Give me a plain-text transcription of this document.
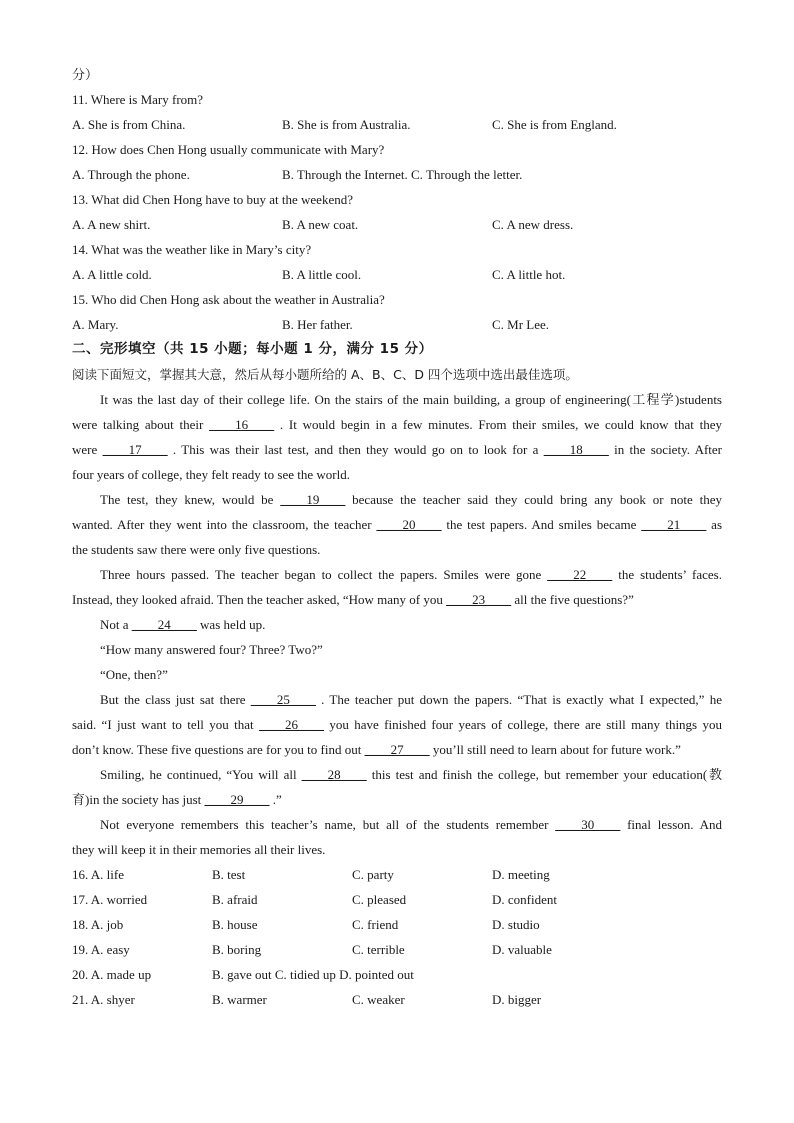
分）
11. Where is Mary from?
A. She is from China.	B. She is from Australia.	C. She is from England.
12. How does Chen Hong usually communicate with Mary?
A. Through the phone.	B. Through the Internet. C. Through the letter.
13. What did Chen Hong have to buy at the weekend?
A. A new shirt.	B. A new coat.	C. A new dress.
14. What was the weather like in Mary’s city?
A. A little cold.	B. A little cool.	C. A little hot.
15. Who did Chen Hong ask about the weather in Australia?
A. Mary.	B. Her father.	C. Mr Lee.
二、完形填空（共 15 小题；每小题 1 分，满分 15 分）
阅读下面短文，掌握其大意，然后从每小题所给的 A、B、C、D 四个选项中选出最佳选项。
It was the last day of their college life. On the stairs of the main building, a group of engineering(工程学)students
were talking about their ____16____ . It would begin in a few minutes. From their smiles, we could know that they
were ____17____ . This was their last test, and then they would go on to look for a ____18____ in the society. After
four years of college, they felt ready to see the world.
The test, they knew, would be ____19____ because the teacher said they could bring any book or note they
wanted. After they went into the classroom, the teacher ____20____ the test papers. And smiles became ____21____ as
the students saw there were only five questions.
Three hours passed. The teacher began to collect the papers. Smiles were gone ____22____ the students’ faces.
Instead, they looked afraid. Then the teacher asked, “How many of you ____23____ all the five questions?”
Not a ____24____ was held up.
“How many answered four? Three? Two?”
“One, then?”
But the class just sat there ____25____ . The teacher put down the papers. “That is exactly what I expected,” he
said. “I just want to tell you that ____26____ you have finished four years of college, there are still many things you
don’t know. These five questions are for you to find out ____27____ you’ll still need to learn about for future work.”
Smiling, he continued, “You will all ____28____ this test and finish the college, but remember your education(教
育)in the society has just ____29____ .”
Not everyone remembers this teacher’s name, but all of the students remember ____30____ final lesson. And
they will keep it in their memories all their lives.
16. A. life	B. test	C. party	D. meeting
17. A. worried	B. afraid	C. pleased	D. confident
18. A. job	B. house	C. friend	D. studio
19. A. easy	B. boring	C. terrible	D. valuable
20. A. made up	B. gave out C. tidied up D. pointed out
21. A. shyer	B. warmer	C. weaker	D. bigger
